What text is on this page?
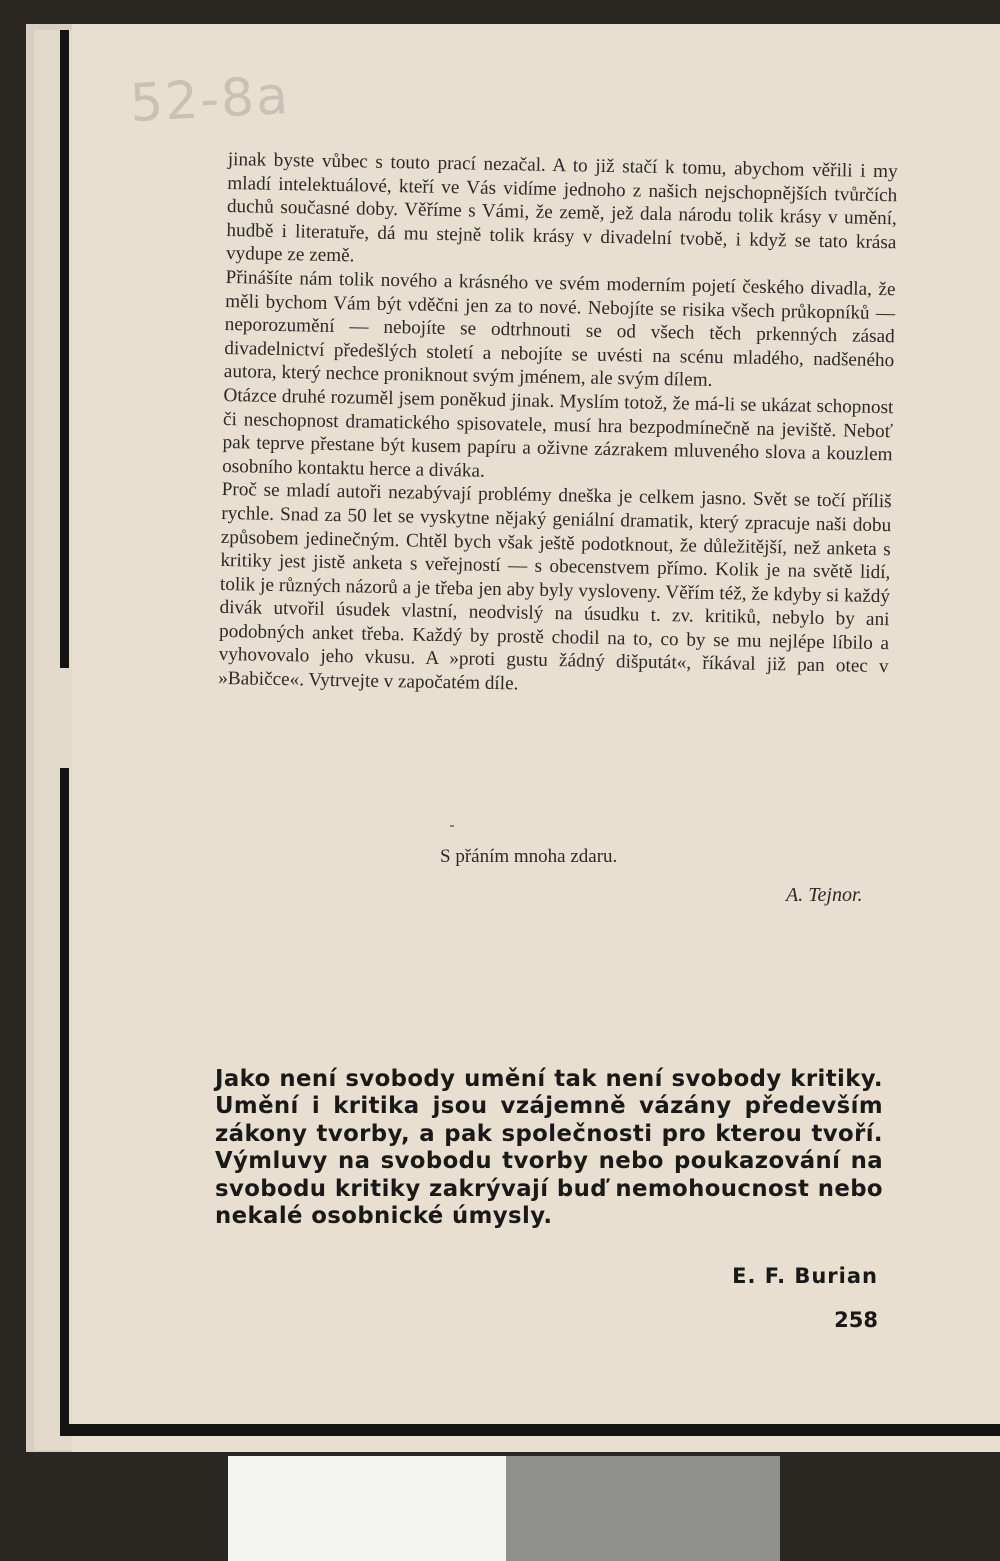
52-8a

jinak byste vůbec s touto prací nezačal. A to již stačí k tomu, abychom věřili i my mladí intelektuálové, kteří ve Vás vidíme jednoho z našich nejschopnějších tvůrčích duchů současné doby. Věříme s Vámi, že země, jež dala národu tolik krásy v umění, hudbě i literatuře, dá mu stejně tolik krásy v divadelní tvobě, i když se tato krása vydupe ze země.

Přinášíte nám tolik nového a krásného ve svém moderním pojetí českého divadla, že měli bychom Vám být vděčni jen za to nové. Nebojíte se risika všech průkopníků — neporozumění — nebojíte se odtrhnouti se od všech těch prkenných zásad divadelnictví předešlých století a nebojíte se uvésti na scénu mladého, nadšeného autora, který nechce proniknout svým jménem, ale svým dílem.

Otázce druhé rozuměl jsem poněkud jinak. Myslím totož, že má-li se ukázat schopnost či neschopnost dramatického spisovatele, musí hra bezpodmínečně na jeviště. Neboť pak teprve přestane být kusem papíru a oživne zázrakem mluveného slova a kouzlem osobního kontaktu herce a diváka.

Proč se mladí autoři nezabývají problémy dneška je celkem jasno. Svět se točí příliš rychle. Snad za 50 let se vyskytne nějaký geniální dramatik, který zpracuje naši dobu způsobem jedinečným. Chtěl bych však ještě podotknout, že důležitější, než anketa s kritiky jest jistě anketa s veřejností — s obecenstvem přímo. Kolik je na světě lidí, tolik je různých názorů a je třeba jen aby byly vysloveny. Věřím též, že kdyby si každý divák utvořil úsudek vlastní, neodvislý na úsudku t. zv. kritiků, nebylo by ani podobných anket třeba. Každý by prostě chodil na to, co by se mu nejlépe líbilo a vyhovovalo jeho vkusu. A »proti gustu žádný dišputát«, říkával již pan otec v »Babičce«. Vytrvejte v započatém díle.

S přáním mnoha zdaru.
A. Tejnor.
Jako není svobody umění tak není svobody kritiky. Umění i kritika jsou vzájemně vázány především zákony tvorby, a pak společnosti pro kterou tvoří. Výmluvy na svobodu tvorby nebo poukazování na svobodu kritiky zakrývají buď nemohoucnost nebo nekalé osobnické úmysly.
E. F. Burian
258
